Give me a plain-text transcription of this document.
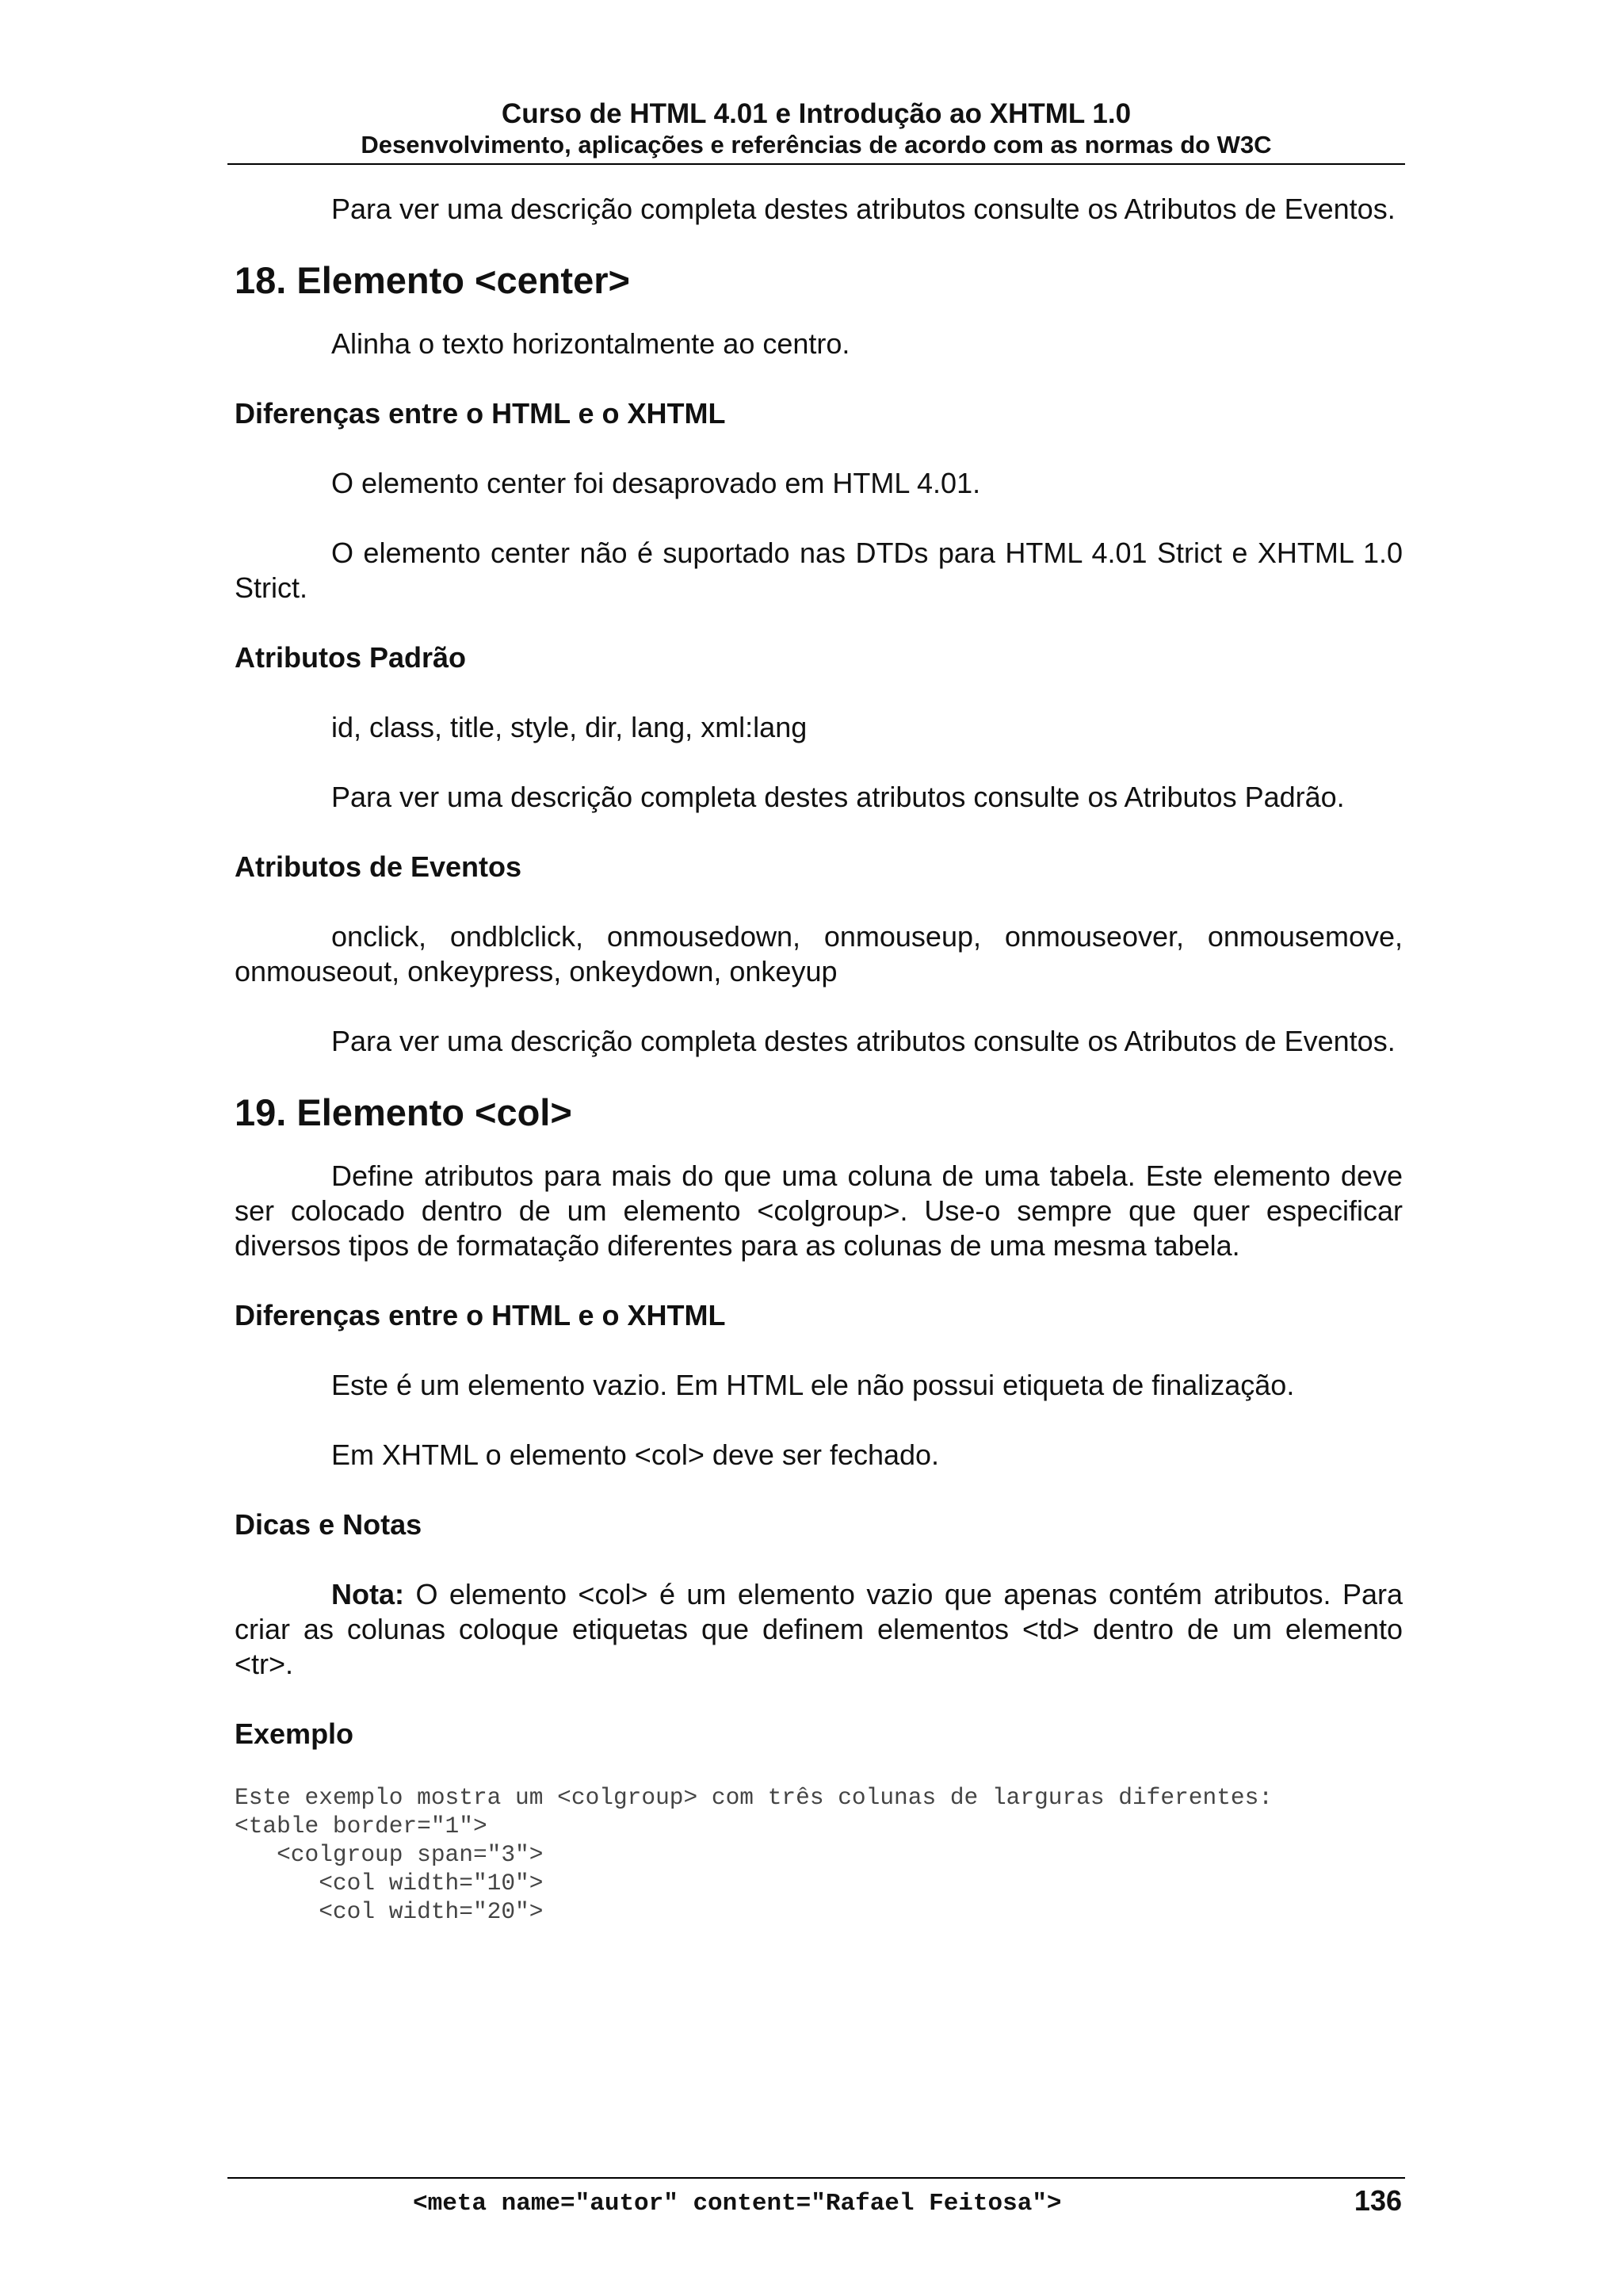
Curso de HTML 4.01 e Introdução ao XHTML 1.0
Desenvolvimento, aplicações e referências de acordo com as normas do W3C

Para ver uma descrição completa destes atributos consulte os Atributos de Eventos.

18. Elemento <center>

Alinha o texto horizontalmente ao centro.

Diferenças entre o HTML e o XHTML

O elemento center foi desaprovado em HTML 4.01.

O elemento center não é suportado nas DTDs para HTML 4.01 Strict e XHTML 1.0 Strict.

Atributos Padrão

id, class, title, style, dir, lang, xml:lang

Para ver uma descrição completa destes atributos consulte os Atributos Padrão.

Atributos de Eventos

onclick, ondblclick, onmousedown, onmouseup, onmouseover, onmousemove, onmouseout, onkeypress, onkeydown, onkeyup

Para ver uma descrição completa destes atributos consulte os Atributos de Eventos.

19. Elemento <col>

Define atributos para mais do que uma coluna de uma tabela. Este elemento deve ser colocado dentro de um elemento <colgroup>. Use-o sempre que quer especificar diversos tipos de formatação diferentes para as colunas de uma mesma tabela.

Diferenças entre o HTML e o XHTML

Este é um elemento vazio. Em HTML ele não possui etiqueta de finalização.

Em XHTML o elemento <col> deve ser fechado.

Dicas e Notas

Nota: O elemento <col> é um elemento vazio que apenas contém atributos. Para criar as colunas coloque etiquetas que definem elementos <td> dentro de um elemento <tr>.

Exemplo
Este exemplo mostra um <colgroup> com três colunas de larguras diferentes:
<table border="1">
<colgroup span="3">
<col width="10">
<col width="20">
<meta name="autor" content="Rafael Feitosa">	136
